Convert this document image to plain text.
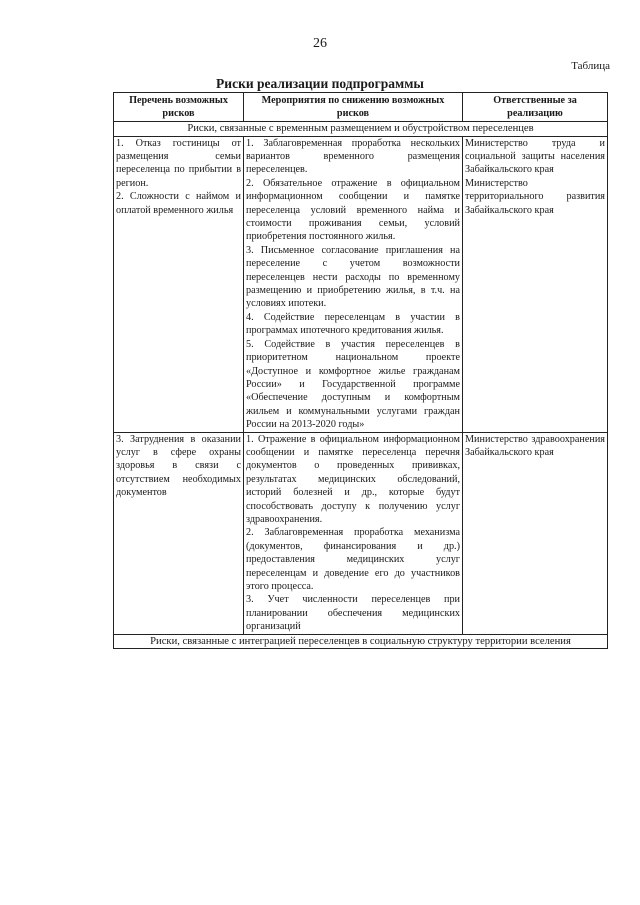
26
Таблица
Риски реализации подпрограммы
Перечень возможных рисков	Мероприятия по снижению возможных рисков	Ответственные за реализацию
Риски, связанные с временным размещением и обустройством переселенцев		

1. Отказ гостиницы от размещения семьи переселенца по прибытии в регион.
2. Сложности с наймом и оплатой временного жилья	1. Заблаговременная проработка нескольких вариантов временного размещения переселенцев.
2. Обязательное отражение в официальном информационном сообщении и памятке переселенца условий временного найма и стоимости проживания семьи, условий приобретения постоянного жилья.
3. Письменное согласование приглашения на переселение с учетом возможности переселенцев нести расходы по временному размещению и приобретению жилья, в т.ч. на условиях ипотеки.
4. Содействие переселенцам в участии в программах ипотечного кредитования жилья.
5. Содействие в участия переселенцев в приоритетном национальном проекте «Доступное и комфортное жилье гражданам России» и Государственной программе «Обеспечение доступным и комфортным жильем и коммунальными услугами граждан России на 2013-2020 годы»	Министерство труда и социальной защиты населения Забайкальского края
Министерство территориального развития Забайкальского края

3. Затруднения в оказании услуг в сфере охраны здоровья в связи с отсутствием необходимых документов	1. Отражение в официальном информационном сообщении и памятке переселенца перечня документов о проведенных прививках, результатах медицинских обследований, историй болезней и др., которые будут способствовать доступу к получению услуг здравоохранения.
2. Заблаговременная проработка механизма (документов, финансирования и др.) предоставления медицинских услуг переселенцам и доведение его до участников этого процесса.
3. Учет численности переселенцев при планировании обеспечения медицинских организаций	Министерство здравоохранения Забайкальского края

Риски, связанные с интеграцией переселенцев в социальную структуру территории вселения		
